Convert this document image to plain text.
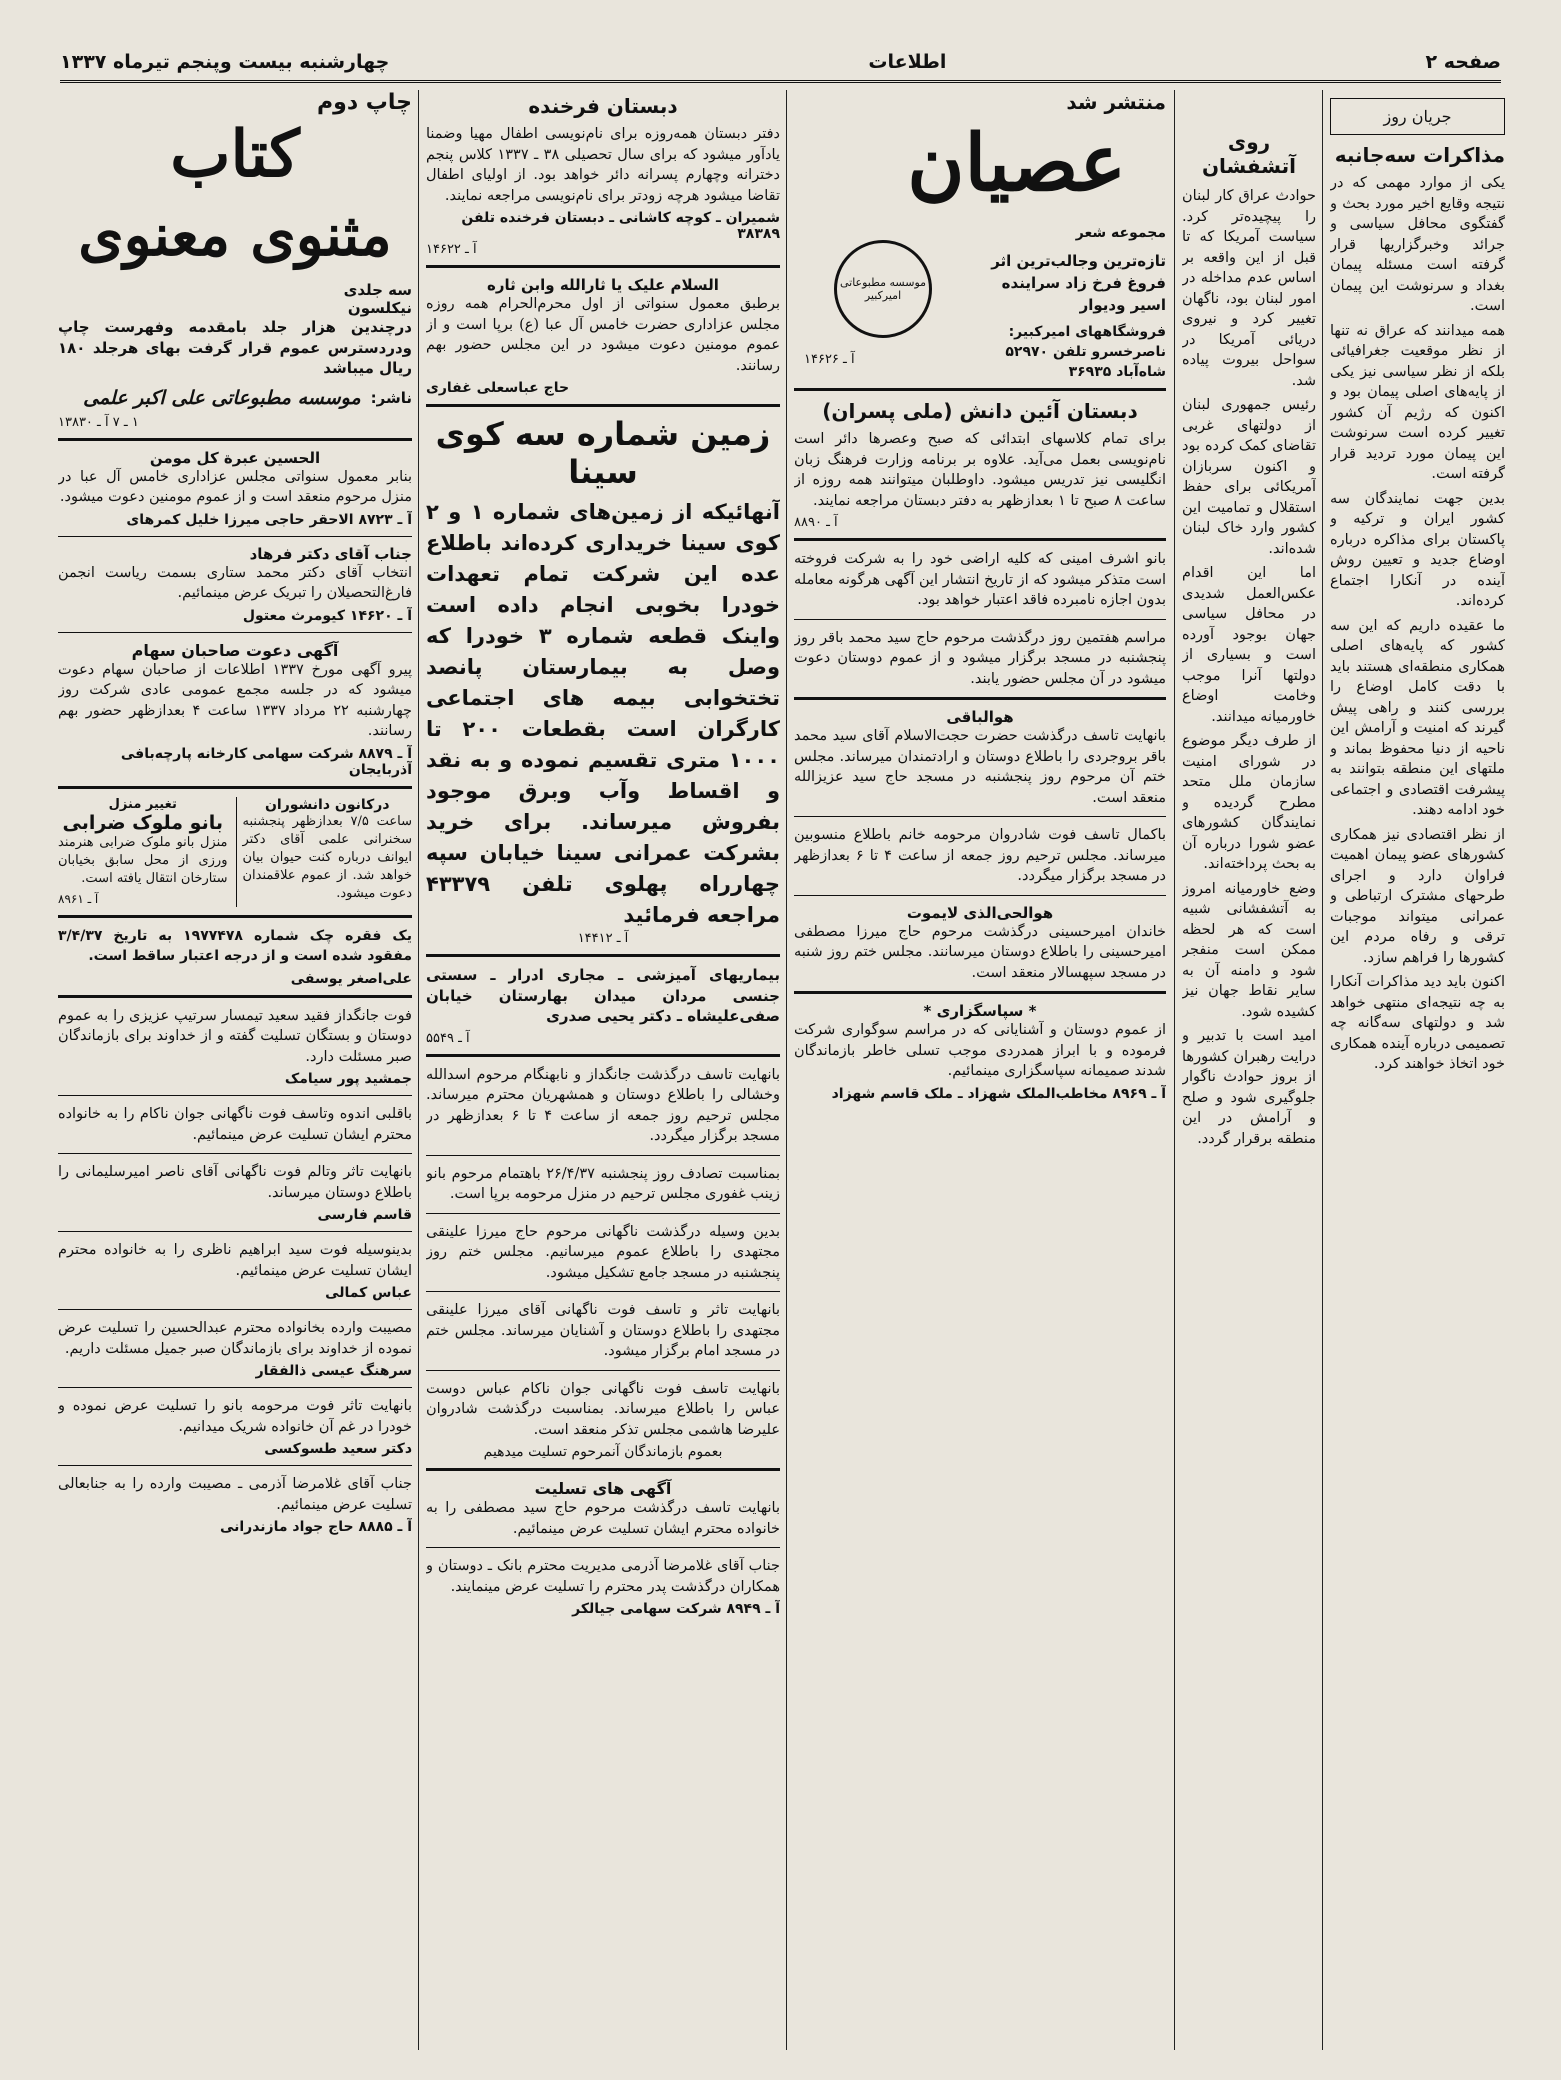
صفحه ۲
اطلاعات
چهارشنبه بیست وپنجم تیرماه ۱۳۳۷
جریان روز
مذاکرات سه‌جانبه

یکی از موارد مهمی که در نتیجه وقایع اخیر مورد بحث و گفتگوی محافل سیاسی و جرائد وخبرگزاریها قرار گرفته است مسئله پیمان بغداد و سرنوشت این پیمان است.

همه میدانند که عراق نه تنها از نظر موقعیت جغرافیائی بلکه از نظر سیاسی نیز یکی از پایه‌های اصلی پیمان بود و اکنون که رژیم آن کشور تغییر کرده است سرنوشت این پیمان مورد تردید قرار گرفته است.

بدین جهت نمایندگان سه کشور ایران و ترکیه و پاکستان برای مذاکره درباره اوضاع جدید و تعیین روش آینده در آنکارا اجتماع کرده‌اند.

ما عقیده داریم که این سه کشور که پایه‌های اصلی همکاری منطقه‌ای هستند باید با دقت کامل اوضاع را بررسی کنند و راهی پیش گیرند که امنیت و آرامش این ناحیه از دنیا محفوظ بماند و ملتهای این منطقه بتوانند به پیشرفت اقتصادی و اجتماعی خود ادامه دهند.

از نظر اقتصادی نیز همکاری کشورهای عضو پیمان اهمیت فراوان دارد و اجرای طرحهای مشترک ارتباطی و عمرانی میتواند موجبات ترقی و رفاه مردم این کشورها را فراهم سازد.

اکنون باید دید مذاکرات آنکارا به چه نتیجه‌ای منتهی خواهد شد و دولتهای سه‌گانه چه تصمیمی درباره آینده همکاری خود اتخاذ خواهند کرد.

روی آتشفشان

حوادث عراق کار لبنان را پیچیده‌تر کرد. سیاست آمریکا که تا قبل از این واقعه بر اساس عدم مداخله در امور لبنان بود، ناگهان تغییر کرد و نیروی دریائی آمریکا در سواحل بیروت پیاده شد.

رئیس جمهوری لبنان از دولتهای غربی تقاضای کمک کرده بود و اکنون سربازان آمریکائی برای حفظ استقلال و تمامیت این کشور وارد خاک لبنان شده‌اند.

اما این اقدام عکس‌العمل شدیدی در محافل سیاسی جهان بوجود آورده است و بسیاری از دولتها آنرا موجب وخامت اوضاع خاورمیانه میدانند.

از طرف دیگر موضوع در شورای امنیت سازمان ملل متحد مطرح گردیده و نمایندگان کشورهای عضو شورا درباره آن به بحث پرداخته‌اند.

وضع خاورمیانه امروز به آتشفشانی شبیه است که هر لحظه ممکن است منفجر شود و دامنه آن به سایر نقاط جهان نیز کشیده شود.

امید است با تدبیر و درایت رهبران کشورها از بروز حوادث ناگوار جلوگیری شود و صلح و آرامش در این منطقه برقرار گردد.

منتشر شد
عصیان
مجموعه شعر
تازه‌ترین وجالب‌ترین اثر فروغ فرخ زاد سراینده اسیر ودیوار
فروشگاههای امیرکبیر: ناصرخسرو تلفن ۵۲۹۷۰ شاه‌آباد ۳۶۹۳۵
موسسه مطبوعاتی امیرکبیر
آ ـ ۱۴۶۲۶
دبستان آئین دانش (ملی پسران)

برای تمام کلاسهای ابتدائی که صبح وعصرها دائر است نام‌نویسی بعمل می‌آید. علاوه بر برنامه وزارت فرهنگ زبان انگلیسی نیز تدریس میشود. داوطلبان میتوانند همه روزه از ساعت ۸ صبح تا ۱ بعدازظهر به دفتر دبستان مراجعه نمایند.

آ ـ ۸۸۹۰

بانو اشرف امینی که کلیه اراضی خود را به شرکت فروخته است متذکر میشود که از تاریخ انتشار این آگهی هرگونه معامله بدون اجازه نامبرده فاقد اعتبار خواهد بود.

مراسم هفتمین روز درگذشت مرحوم حاج سید محمد باقر روز پنجشنبه در مسجد برگزار میشود و از عموم دوستان دعوت میشود در آن مجلس حضور یابند.

هوالباقی

بانهایت تاسف درگذشت حضرت حجت‌الاسلام آقای سید محمد باقر بروجردی را باطلاع دوستان و ارادتمندان میرساند. مجلس ختم آن مرحوم روز پنجشنبه در مسجد حاج سید عزیزالله منعقد است.

باکمال تاسف فوت شادروان مرحومه خانم باطلاع منسوبین میرساند. مجلس ترحیم روز جمعه از ساعت ۴ تا ۶ بعدازظهر در مسجد برگزار میگردد.

هوالحی‌الذی لایموت

خاندان امیرحسینی درگذشت مرحوم حاج میرزا مصطفی امیرحسینی را باطلاع دوستان میرسانند. مجلس ختم روز شنبه در مسجد سپهسالار منعقد است.

* سپاسگزاری *

از عموم دوستان و آشنایانی که در مراسم سوگواری شرکت فرموده و با ابراز همدردی موجب تسلی خاطر بازماندگان شدند صمیمانه سپاسگزاری مینمائیم.

آ ـ ۸۹۶۹ مخاطب‌الملک شهزاد ـ ملک قاسم شهزاد
دبستان فرخنده

دفتر دبستان همه‌روزه برای نام‌نویسی اطفال مهیا وضمنا یادآور میشود که برای سال تحصیلی ۳۸ ـ ۱۳۳۷ کلاس پنجم دخترانه وچهارم پسرانه دائر خواهد بود. از اولیای اطفال تقاضا میشود هرچه زودتر برای نام‌نویسی مراجعه نمایند.

شمیران ـ کوچه کاشانی ـ دبستان فرخنده تلفن ۳۸۳۸۹
آ ـ ۱۴۶۲۲
السلام علیک یا ثارالله وابن ثاره

برطبق معمول سنواتی از اول محرم‌الحرام همه روزه مجلس عزاداری حضرت خامس آل عبا (ع) برپا است و از عموم مومنین دعوت میشود در این مجلس حضور بهم رسانند.

حاج عباسعلی غفاری
زمین شماره سه کوی سینا

آنهائیکه از زمین‌های شماره ۱ و ۲ کوی سینا خریداری کرده‌اند باطلاع عده این شرکت تمام تعهدات خودرا بخوبی انجام داده است واینک قطعه شماره ۳ خودرا که وصل به بیمارستان پانصد تختخوابی بیمه های اجتماعی کارگران است بقطعات ۲۰۰ تا ۱۰۰۰ متری تقسیم نموده و به نقد و اقساط وآب وبرق موجود بفروش میرساند. برای خرید بشرکت عمرانی سینا خیابان سپه چهارراه پهلوی تلفن ۴۳۳۷۹ مراجعه فرمائید

آ ـ ۱۴۴۱۲

بیماریهای آمیزشی ـ مجاری ادرار ـ سستی جنسی مردان میدان بهارستان خیابان صفی‌علیشاه ـ دکتر یحیی صدری

آ ـ ۵۵۴۹

بانهایت تاسف درگذشت جانگداز و نابهنگام مرحوم اسدالله وخشالی را باطلاع دوستان و همشهریان محترم میرساند. مجلس ترحیم روز جمعه از ساعت ۴ تا ۶ بعدازظهر در مسجد برگزار میگردد.

بمناسبت تصادف روز پنجشنبه ۲۶/۴/۳۷ باهتمام مرحوم بانو زینب غفوری مجلس ترحیم در منزل مرحومه برپا است.

بدین وسیله درگذشت ناگهانی مرحوم حاج میرزا علینقی مجتهدی را باطلاع عموم میرسانیم. مجلس ختم روز پنجشنبه در مسجد جامع تشکیل میشود.

بانهایت تاثر و تاسف فوت ناگهانی آقای میرزا علینقی مجتهدی را باطلاع دوستان و آشنایان میرساند. مجلس ختم در مسجد امام برگزار میشود.

بانهایت تاسف فوت ناگهانی جوان ناکام عباس دوست عباس را باطلاع میرساند. بمناسبت درگذشت شادروان علیرضا هاشمی مجلس تذکر منعقد است.

بعموم بازماندگان آنمرحوم تسلیت میدهیم
آگهی های تسلیت

بانهایت تاسف درگذشت مرحوم حاج سید مصطفی را به خانواده محترم ایشان تسلیت عرض مینمائیم.

جناب آقای غلامرضا آذرمی مدیریت محترم بانک ـ دوستان و همکاران درگذشت پدر محترم را تسلیت عرض مینمایند.

آ ـ ۸۹۴۹ شرکت سهامی جیالکر
چاپ دوم
کتاب
مثنوی معنوی
سه جلدی
نیکلسون

درچندین هزار جلد بامقدمه وفهرست چاپ ودردسترس عموم قرار گرفت بهای هرجلد ۱۸۰ ریال میباشد

ناشر:
موسسه مطبوعاتی علی اکبر علمی
۱ ـ ۷ آ ـ ۱۳۸۳۰
الحسین عبرة کل مومن

بنابر معمول سنواتی مجلس عزاداری خامس آل عبا در منزل مرحوم منعقد است و از عموم مومنین دعوت میشود.

آ ـ ۸۷۲۳ الاحقر حاجی میرزا خلیل کمرهای
جناب آقای دکتر فرهاد

انتخاب آقای دکتر محمد ستاری بسمت ریاست انجمن فارغ‌التحصیلان را تبریک عرض مینمائیم.

آ ـ ۱۴۶۲۰ کیومرث معتول
آگهی دعوت صاحبان سهام

پیرو آگهی مورخ ۱۳۳۷ اطلاعات از صاحبان سهام دعوت میشود که در جلسه مجمع عمومی عادی شرکت روز چهارشنبه ۲۲ مرداد ۱۳۳۷ ساعت ۴ بعدازظهر حضور بهم رسانند.

آ ـ ۸۸۷۹ شرکت سهامی کارخانه پارچه‌بافی آذربایجان
درکانون دانشوران

ساعت ۷/۵ بعدازظهر پنجشنبه سخنرانی علمی آقای دکتر ایوانف درباره کنت حیوان بیان خواهد شد. از عموم علاقمندان دعوت میشود.

تغییر منزل
بانو ملوک ضرابی

منزل بانو ملوک ضرابی هنرمند ورزی از محل سابق بخیابان ستارخان انتقال یافته است.

آ ـ ۸۹۶۱

یک فقره چک شماره ۱۹۷۷۴۷۸ به تاریخ ۳/۴/۳۷ مفقود شده است و از درجه اعتبار ساقط است.

علی‌اصغر یوسفی

فوت جانگداز فقید سعید تیمسار سرتیپ عزیزی را به عموم دوستان و بستگان تسلیت گفته و از خداوند برای بازماندگان صبر مسئلت دارد.

جمشید پور سیامک

باقلبی اندوه وتاسف فوت ناگهانی جوان ناکام را به خانواده محترم ایشان تسلیت عرض مینمائیم.

بانهایت تاثر وتالم فوت ناگهانی آقای ناصر امیرسلیمانی را باطلاع دوستان میرساند.

قاسم فارسی

بدینوسیله فوت سید ابراهیم ناظری را به خانواده محترم ایشان تسلیت عرض مینمائیم.

عباس کمالی

مصیبت وارده بخانواده محترم عبدالحسین را تسلیت عرض نموده از خداوند برای بازماندگان صبر جمیل مسئلت داریم.

سرهنگ عیسی ذالفقار

بانهایت تاثر فوت مرحومه بانو را تسلیت عرض نموده و خودرا در غم آن خانواده شریک میدانیم.

دکتر سعید طسوکسی

جناب آقای غلامرضا آذرمی ـ مصیبت وارده را به جنابعالی تسلیت عرض مینمائیم.

آ ـ ۸۸۸۵ حاج جواد مازندرانی
